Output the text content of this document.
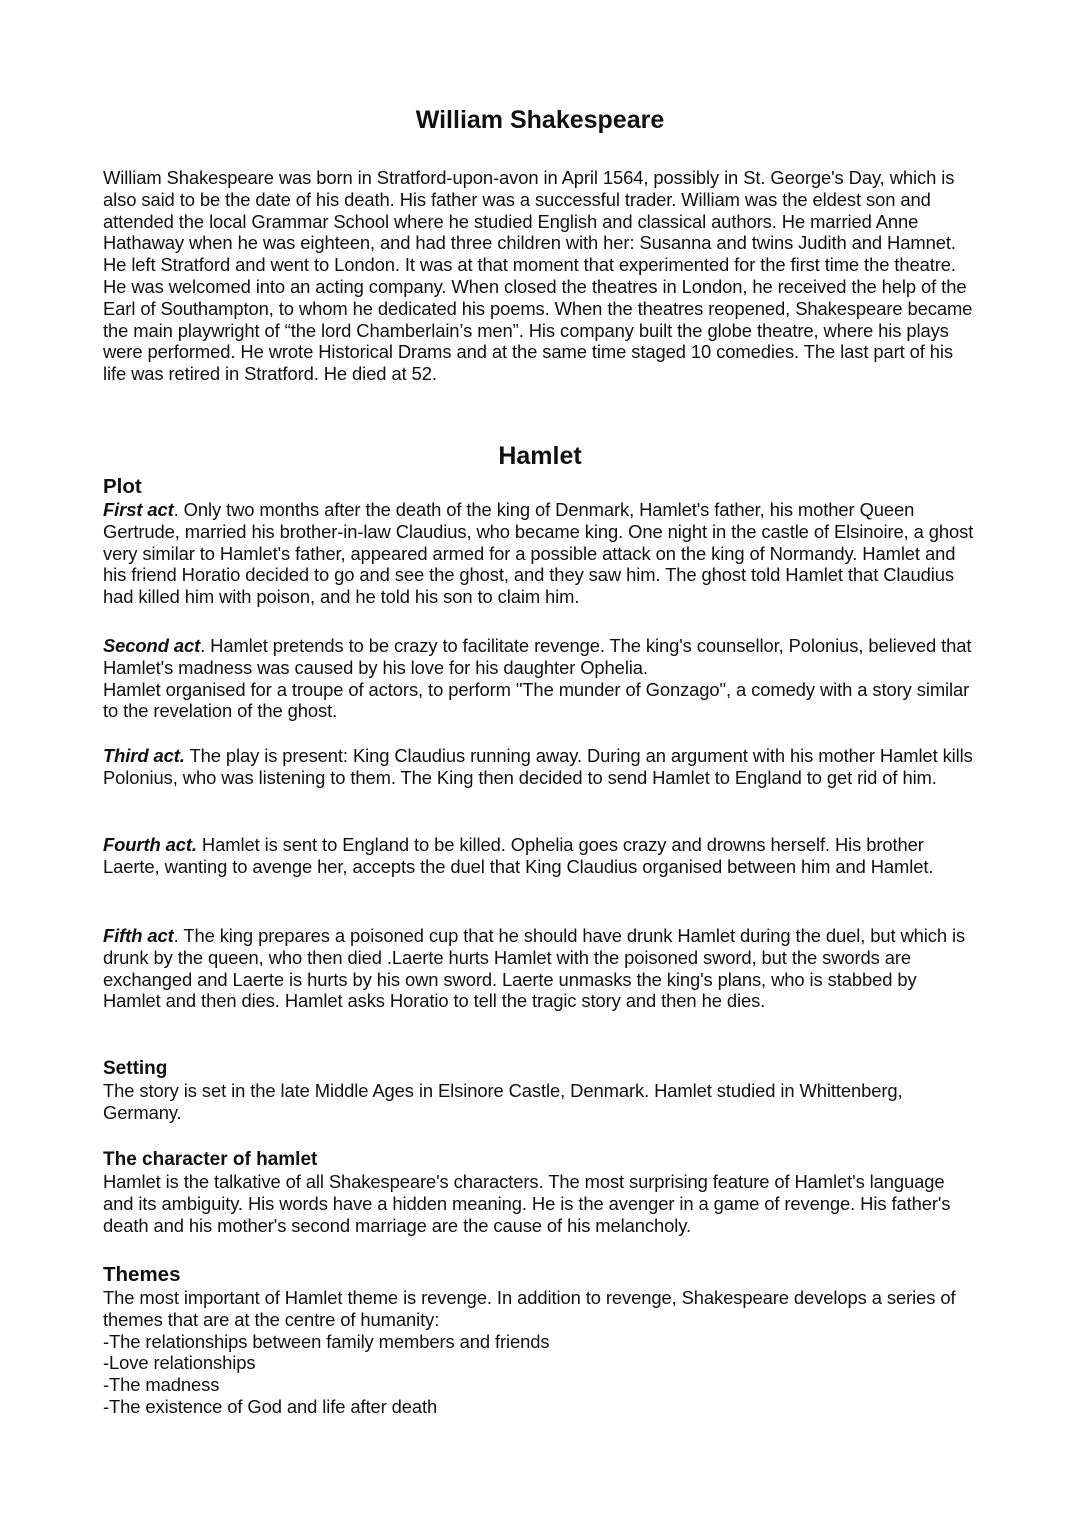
William Shakespeare

William Shakespeare was born in Stratford-upon-avon in April 1564, possibly in St. George's Day, which is also said to be the date of his death. His father was a successful trader. William was the eldest son and attended the local Grammar School where he studied English and classical authors. He married Anne Hathaway when he was eighteen, and had three children with her: Susanna and twins Judith and Hamnet. He left Stratford and went to London. It was at that moment that experimented for the first time the theatre.

He was welcomed into an acting company. When closed the theatres in London, he received the help of the Earl of Southampton, to whom he dedicated his poems. When the theatres reopened, Shakespeare became the main playwright of “the lord Chamberlain’s men”. His company built the globe theatre, where his plays were performed. He wrote Historical Drams and at the same time staged 10 comedies. The last part of his life was retired in Stratford. He died at 52.

Hamlet
Plot

First act. Only two months after the death of the king of Denmark, Hamlet's father, his mother Queen Gertrude, married his brother-in-law Claudius, who became king. One night in the castle of Elsinoire, a ghost very similar to Hamlet's father, appeared armed for a possible attack on the king of Normandy. Hamlet and his friend Horatio decided to go and see the ghost, and they saw him. The ghost told Hamlet that Claudius had killed him with poison, and he told his son to claim him.

Second act. Hamlet pretends to be crazy to facilitate revenge. The king's counsellor, Polonius, believed that Hamlet's madness was caused by his love for his daughter Ophelia.

Hamlet organised for a troupe of actors, to perform "The munder of Gonzago", a comedy with a story similar to the revelation of the ghost.

Third act. The play is present: King Claudius running away. During an argument with his mother Hamlet kills Polonius, who was listening to them. The King then decided to send Hamlet to England to get rid of him.

Fourth act. Hamlet is sent to England to be killed. Ophelia goes crazy and drowns herself. His brother Laerte, wanting to avenge her, accepts the duel that King Claudius organised between him and Hamlet.

Fifth act. The king prepares a poisoned cup that he should have drunk Hamlet during the duel, but which is drunk by the queen, who then died .Laerte hurts Hamlet with the poisoned sword, but the swords are exchanged and Laerte is hurts by his own sword. Laerte unmasks the king's plans, who is stabbed by Hamlet and then dies. Hamlet asks Horatio to tell the tragic story and then he dies.

Setting

The story is set in the late Middle Ages in Elsinore Castle, Denmark. Hamlet studied in Whittenberg, Germany.

The character of hamlet

Hamlet is the talkative of all Shakespeare's characters. The most surprising feature of Hamlet's language and its ambiguity. His words have a hidden meaning. He is the avenger in a game of revenge. His father's death and his mother's second marriage are the cause of his melancholy.

Themes

The most important of Hamlet theme is revenge. In addition to revenge, Shakespeare develops a series of themes that are at the centre of humanity:

-The relationships between family members and friends

-Love relationships

-The madness

-The existence of God and life after death
